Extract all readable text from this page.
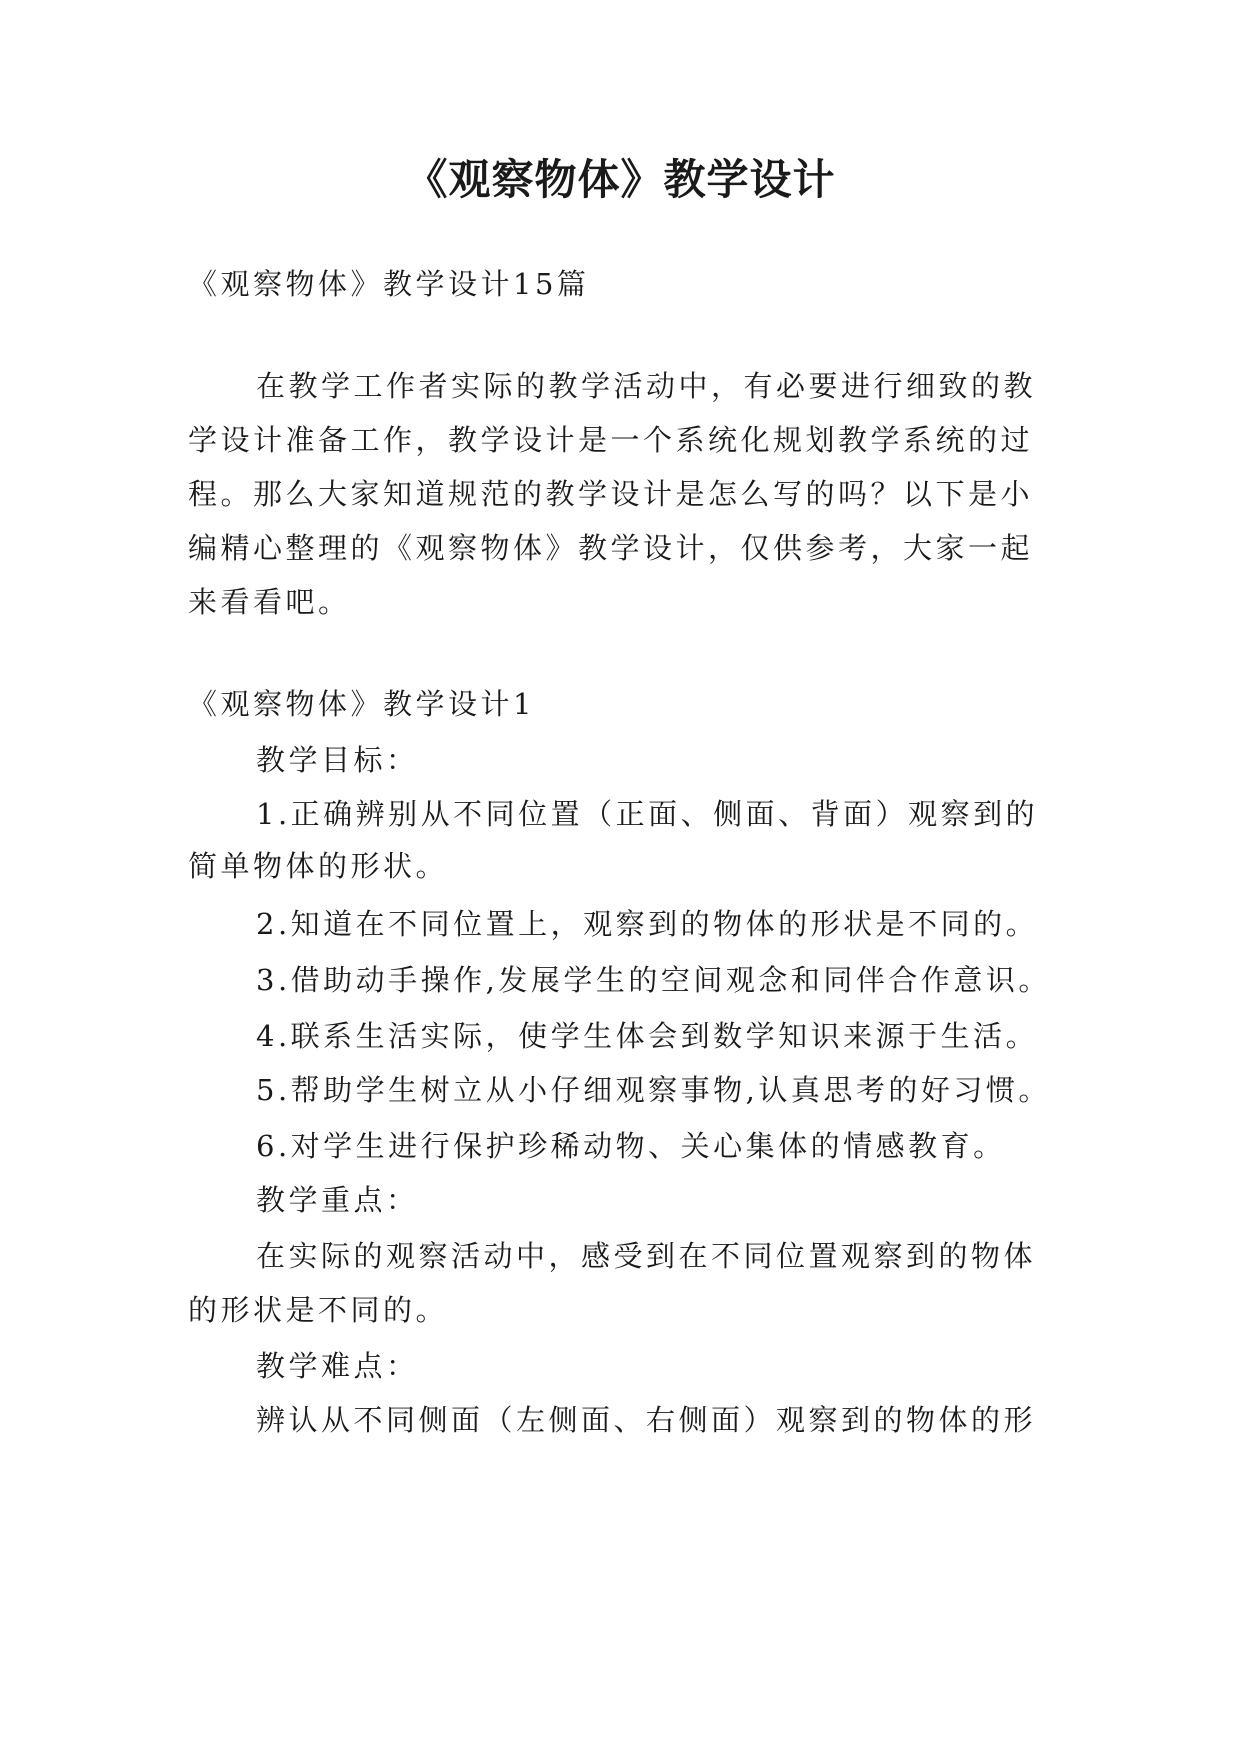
《观察物体》教学设计
《观察物体》教学设计15篇
在教学工作者实际的教学活动中，有必要进行细致的教
学设计准备工作，教学设计是一个系统化规划教学系统的过
程。那么大家知道规范的教学设计是怎么写的吗？以下是小
编精心整理的《观察物体》教学设计，仅供参考，大家一起
来看看吧。
《观察物体》教学设计1
教学目标：
1.正确辨别从不同位置（正面、侧面、背面）观察到的
简单物体的形状。
2.知道在不同位置上，观察到的物体的形状是不同的。
3.借助动手操作,发展学生的空间观念和同伴合作意识。
4.联系生活实际，使学生体会到数学知识来源于生活。
5.帮助学生树立从小仔细观察事物,认真思考的好习惯。
6.对学生进行保护珍稀动物、关心集体的情感教育。
教学重点：
在实际的观察活动中，感受到在不同位置观察到的物体
的形状是不同的。
教学难点：
辨认从不同侧面（左侧面、右侧面）观察到的物体的形
